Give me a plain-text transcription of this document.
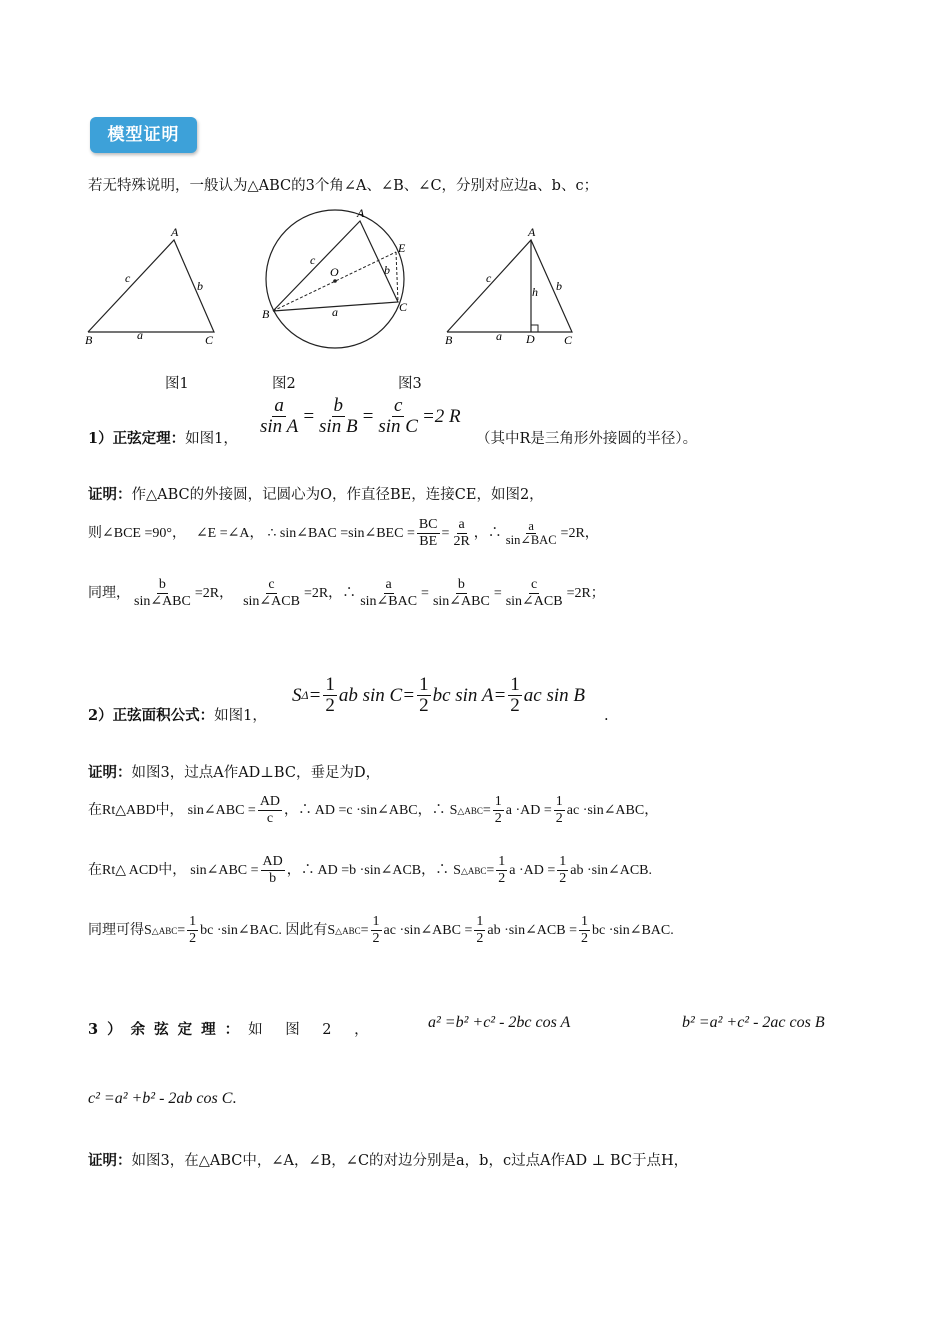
模型证明
若无特殊说明，一般认为△ABC的3个角∠A、∠B、∠C，分别对应边a、b、c；
A
B	C
a
b
c
A
B	C
E
O
a
b
c
A
B	C
D
a
b
c
h
图1	图2	图3
1）正弦定理：如图1，
$\frac{a}{\text{sin A}} = \frac{b}{\text{sin B}} = \frac{c}{\text{sin C}} =2$ R
（其中R是三角形外接圆的半径）。
证明：作△ABC的外接圆，记圆心为O，作直径BE，连接CE，如图2，
则∠BCE =90°， ∠E =∠A， ∴ sin∠BAC =sin∠BEC = $\frac{BC}{BE} = \frac{a}{2R}$ ，∴ $\frac{a}{\text{sin∠BAC}} =2R$，
同理， $\frac{b}{\text{sin∠ABC}} =2R$， $\frac{c}{\text{sin∠ACB}} =2R$，∴ $\frac{a}{\text{sin∠BAC}} = \frac{b}{\text{sin∠ABC}} = \frac{c}{\text{sin∠ACB}} =2R$；
2）正弦面积公式：如图1，
S $\Delta = \frac{1}{2}$ ab $\sin C = \frac{1}{2}$ bc $\sin A = \frac{1}{2}$ ac sin B
.
证明：如图3，过点A作AD⊥BC，垂足为D，
在Rt△ABD中， sin∠ABC = $\frac{AD}{c}$ ，∴ AD =c ·sin∠ABC，∴ S △ABC = $\frac{1}{2}$ $a \cdot AD = \frac{1}{2}$ ac ·sin∠ABC，
在Rt△ ACD中， sin∠ABC = $\frac{AD}{b}$ ，∴ AD =b ·sin∠ACB，∴ S △ABC = $\frac{1}{2}$ $a \cdot AD = \frac{1}{2}$ ab ·sin∠ACB.
同理可得 S △ABC = $\frac{1}{2}$ bc ·sin∠BAC. 因此有 S △ABC = $\frac{1}{2}$ ac ·sin∠ABC = $\frac{1}{2}$ ab ·sin∠ACB = $\frac{1}{2}$ bc ·sin∠BAC.
3）余弦定理：如 图 2 ，	a² =b² +c² - 2bc cos A	b² =a² +c² - 2ac cos B
c² =a² +b² - 2ab cos C.
证明：如图3，在△ABC中，∠A，∠B，∠C的对边分别是a，b，c过点A作AD ⊥ BC于点H，
